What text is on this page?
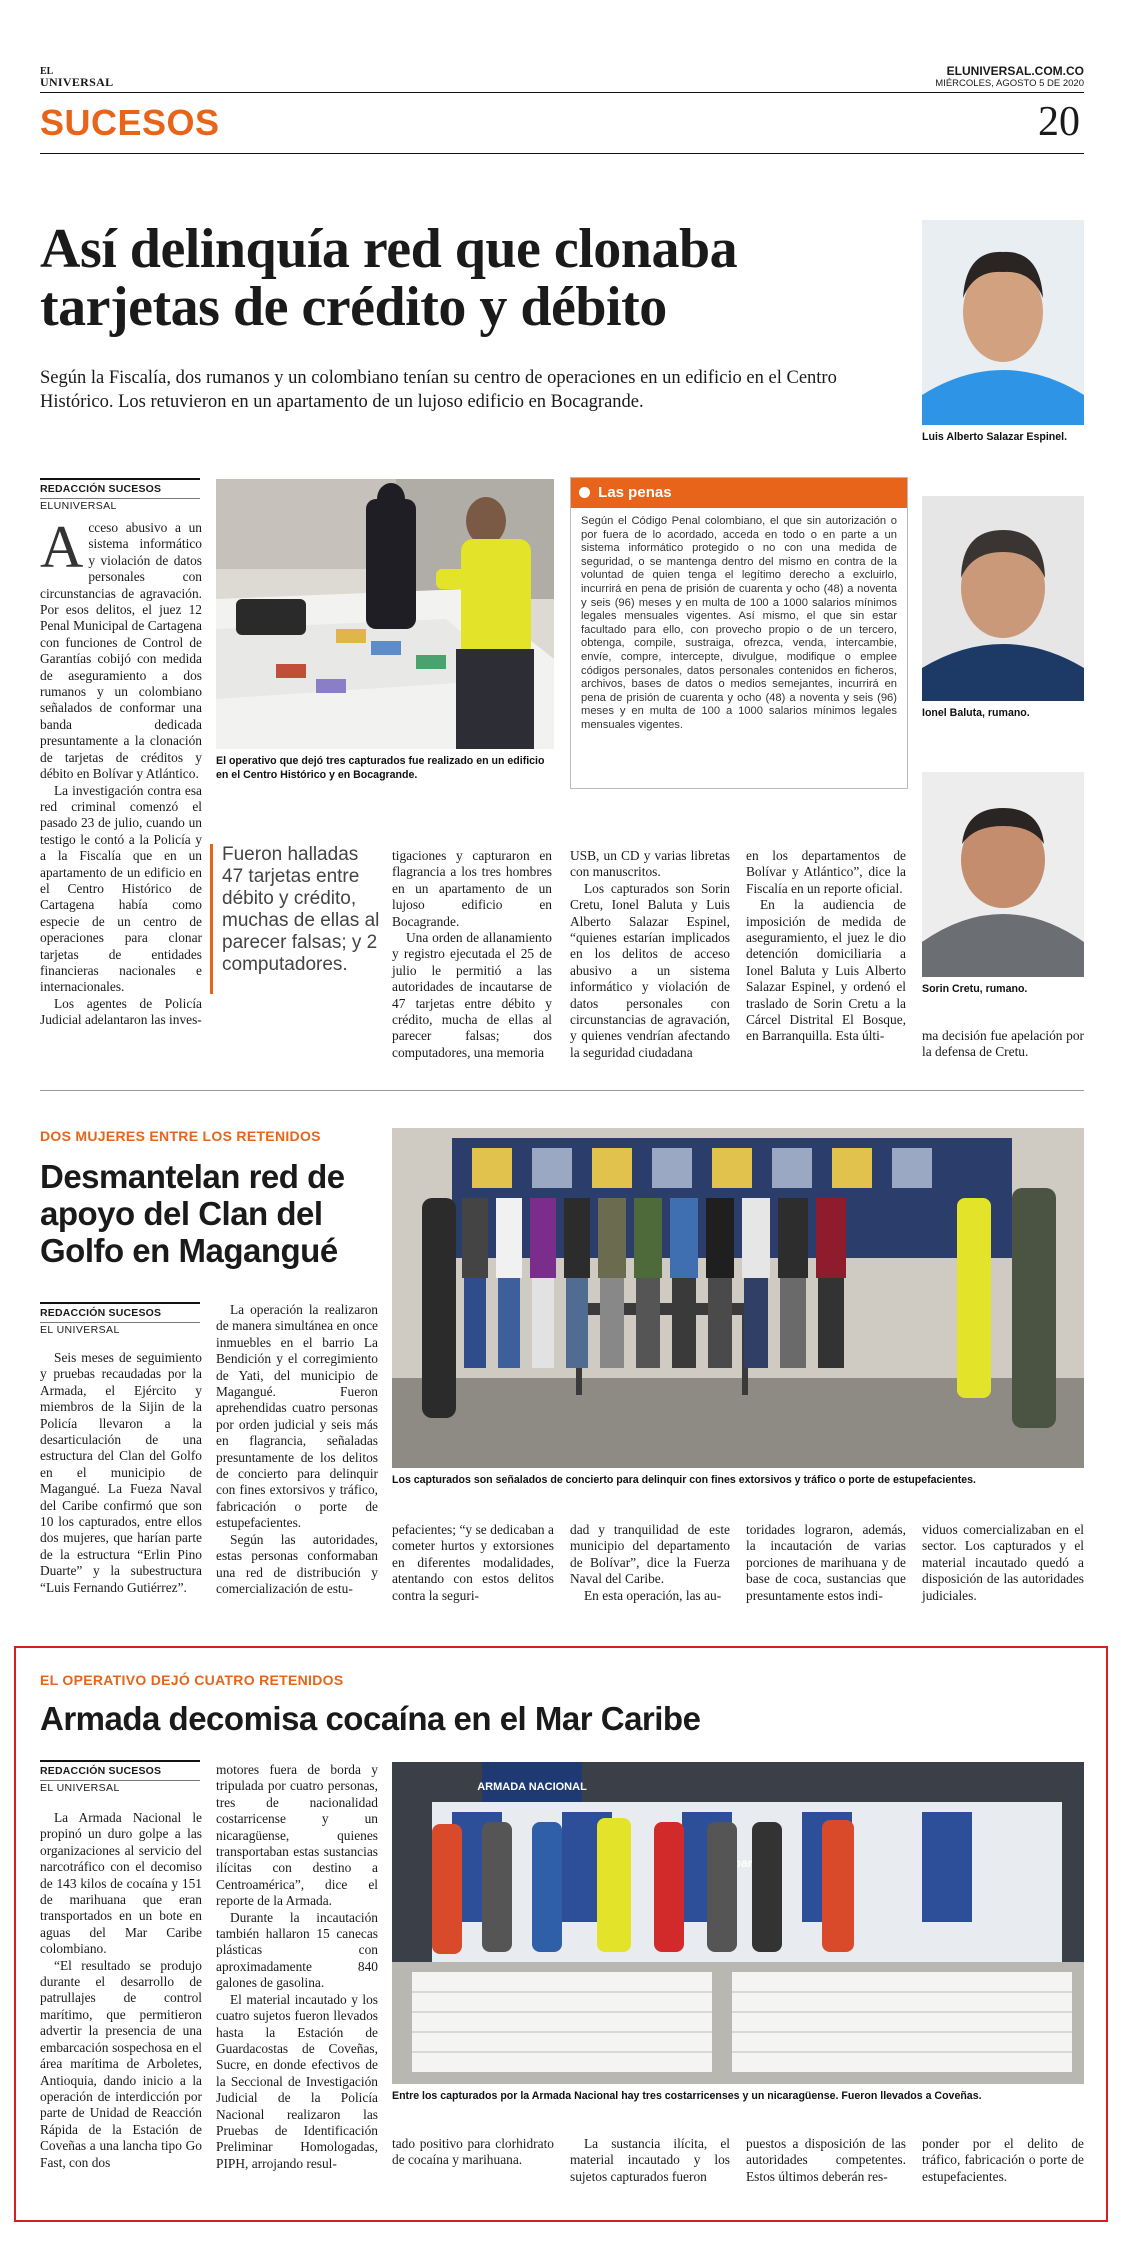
EL
UNIVERSAL
ELUNIVERSAL.COM.CO
MIÉRCOLES, AGOSTO 5 DE 2020
SUCESOS	20
Así delinquía red que clonaba
tarjetas de crédito y débito
Según la Fiscalía, dos rumanos y un colombiano tenían su centro de operaciones en un edificio en el Centro Histórico. Los retuvieron en un apartamento de un lujoso edificio en Bocagrande.
REDACCIÓN SUCESOS
ELUNIVERSAL

Acceso abusivo a un sistema informático y violación de datos personales con circunstancias de agravación. Por esos delitos, el juez 12 Penal Municipal de Cartagena con funciones de Control de Garantías cobijó con medida de aseguramiento a dos rumanos y un colombiano señalados de conformar una banda dedicada presuntamente a la clonación de tarjetas de créditos y débito en Bolívar y Atlántico.

La investigación contra esa red criminal comenzó el pasado 23 de julio, cuando un testigo le contó a la Policía y a la Fiscalía que en un apartamento de un edificio en el Centro Histórico de Cartagena había como especie de un centro de operaciones para clonar tarjetas de entidades financieras nacionales e internacionales.

Los agentes de Policía Judicial adelantaron las inves-

El operativo que dejó tres capturados fue realizado en un edificio en el Centro Histórico y en Bocagrande.
Las penas
Según el Código Penal colombiano, el que sin autorización o por fuera de lo acordado, acceda en todo o en parte a un sistema informático protegido o no con una medida de seguridad, o se mantenga dentro del mismo en contra de la voluntad de quien tenga el legítimo derecho a excluirlo, incurrirá en pena de prisión de cuarenta y ocho (48) a noventa y seis (96) meses y en multa de 100 a 1000 salarios mínimos legales mensuales vigentes. Así mismo, el que sin estar facultado para ello, con provecho propio o de un tercero, obtenga, compile, sustraiga, ofrezca, venda, intercambie, envíe, compre, intercepte, divulgue, modifique o emplee códigos personales, datos personales contenidos en ficheros, archivos, bases de datos o medios semejantes, incurrirá en pena de prisión de cuarenta y ocho (48) a noventa y seis (96) meses y en multa de 100 a 1000 salarios mínimos legales mensuales vigentes.
Fueron halladas 47 tarjetas entre débito y crédito, muchas de ellas al parecer falsas; y 2 computadores.

tigaciones y capturaron en flagrancia a los tres hombres en un apartamento de un lujoso edificio en Bocagrande.

Una orden de allanamiento y registro ejecutada el 25 de julio le permitió a las autoridades de incautarse de 47 tarjetas entre débito y crédito, mucha de ellas al parecer falsas; dos computadores, una memoria

USB, un CD y varias libretas con manuscritos.

Los capturados son Sorin Cretu, Ionel Baluta y Luis Alberto Salazar Espinel, “quienes estarían implicados en los delitos de acceso abusivo a un sistema informático y violación de datos personales con circunstancias de agravación, y quienes vendrían afectando la seguridad ciudadana

en los departamentos de Bolívar y Atlántico”, dice la Fiscalía en un reporte oficial.

En la audiencia de imposición de medida de aseguramiento, el juez le dio detención domiciliaria a Ionel Baluta y Luis Alberto Salazar Espinel, y ordenó el traslado de Sorin Cretu a la Cárcel Distrital El Bosque, en Barranquilla. Esta últi-	ma decisión fue apelación por la defensa de Cretu.

Luis Alberto Salazar Espinel.
Ionel Baluta, rumano.
Sorin Cretu, rumano.
DOS MUJERES ENTRE LOS RETENIDOS
Desmantelan red de apoyo del Clan del Golfo en Magangué
REDACCIÓN SUCESOS
EL UNIVERSAL

Seis meses de seguimiento y pruebas recaudadas por la Armada, el Ejército y miembros de la Sijin de la Policía llevaron a la desarticulación de una estructura del Clan del Golfo en el municipio de Magangué. La Fueza Naval del Caribe confirmó que son 10 los capturados, entre ellos dos mujeres, que harían parte de la estructura “Erlin Pino Duarte” y la subestructura “Luis Fernando Gutiérrez”.

La operación la realizaron de manera simultánea en once inmuebles en el barrio La Bendición y el corregimiento de Yati, del municipio de Magangué. Fueron aprehendidas cuatro personas por orden judicial y seis más en flagrancia, señaladas presuntamente de los delitos de concierto para delinquir con fines extorsivos y tráfico, fabricación o porte de estupefacientes.

Según las autoridades, estas personas conformaban una red de distribución y comercialización de estu-

Los capturados son señalados de concierto para delinquir con fines extorsivos y tráfico o porte de estupefacientes.

pefacientes; “y se dedicaban a cometer hurtos y extorsiones en diferentes modalidades, atentando con estos delitos contra la seguri-

dad y tranquilidad de este municipio del departamento de Bolívar”, dice la Fuerza Naval del Caribe.

En esta operación, las au-

toridades lograron, además, la incautación de varias porciones de marihuana y de base de coca, sustancias que presuntamente estos indi-

viduos comercializaban en el sector. Los capturados y el material incautado quedó a disposición de las autoridades judiciales.

EL OPERATIVO DEJÓ CUATRO RETENIDOS
Armada decomisa cocaína en el Mar Caribe
REDACCIÓN SUCESOS
EL UNIVERSAL

La Armada Nacional le propinó un duro golpe a las organizaciones al servicio del narcotráfico con el decomiso de 143 kilos de cocaína y 151 de marihuana que eran transportados en un bote en aguas del Mar Caribe colombiano.

“El resultado se produjo durante el desarrollo de patrullajes de control marítimo, que permitieron advertir la presencia de una embarcación sospechosa en el área marítima de Arboletes, Antioquia, dando inicio a la operación de interdicción por parte de Unidad de Reacción Rápida de la Estación de Coveñas a una lancha tipo Go Fast, con dos

motores fuera de borda y tripulada por cuatro personas, tres de nacionalidad costarricense y un nicaragüense, quienes transportaban estas sustancias ilícitas con destino a Centroamérica”, dice el reporte de la Armada.

Durante la incautación también hallaron 15 canecas plásticas con aproximadamente 840 galones de gasolina.

El material incautado y los cuatro sujetos fueron llevados hasta la Estación de Guardacostas de Coveñas, Sucre, en donde efectivos de la Seccional de Investigación Judicial de la Policía Nacional realizaron las Pruebas de Identificación Preliminar Homologadas, PIPH, arrojando resul-

ARMADA NACIONAL
Entre los capturados por la Armada Nacional hay tres costarricenses y un nicaragüense. Fueron llevados a Coveñas.

tado positivo para clorhidrato de cocaína y marihuana.

La sustancia ilícita, el material incautado y los sujetos capturados fueron

puestos a disposición de las autoridades competentes. Estos últimos deberán res-

ponder por el delito de tráfico, fabricación o porte de estupefacientes.
